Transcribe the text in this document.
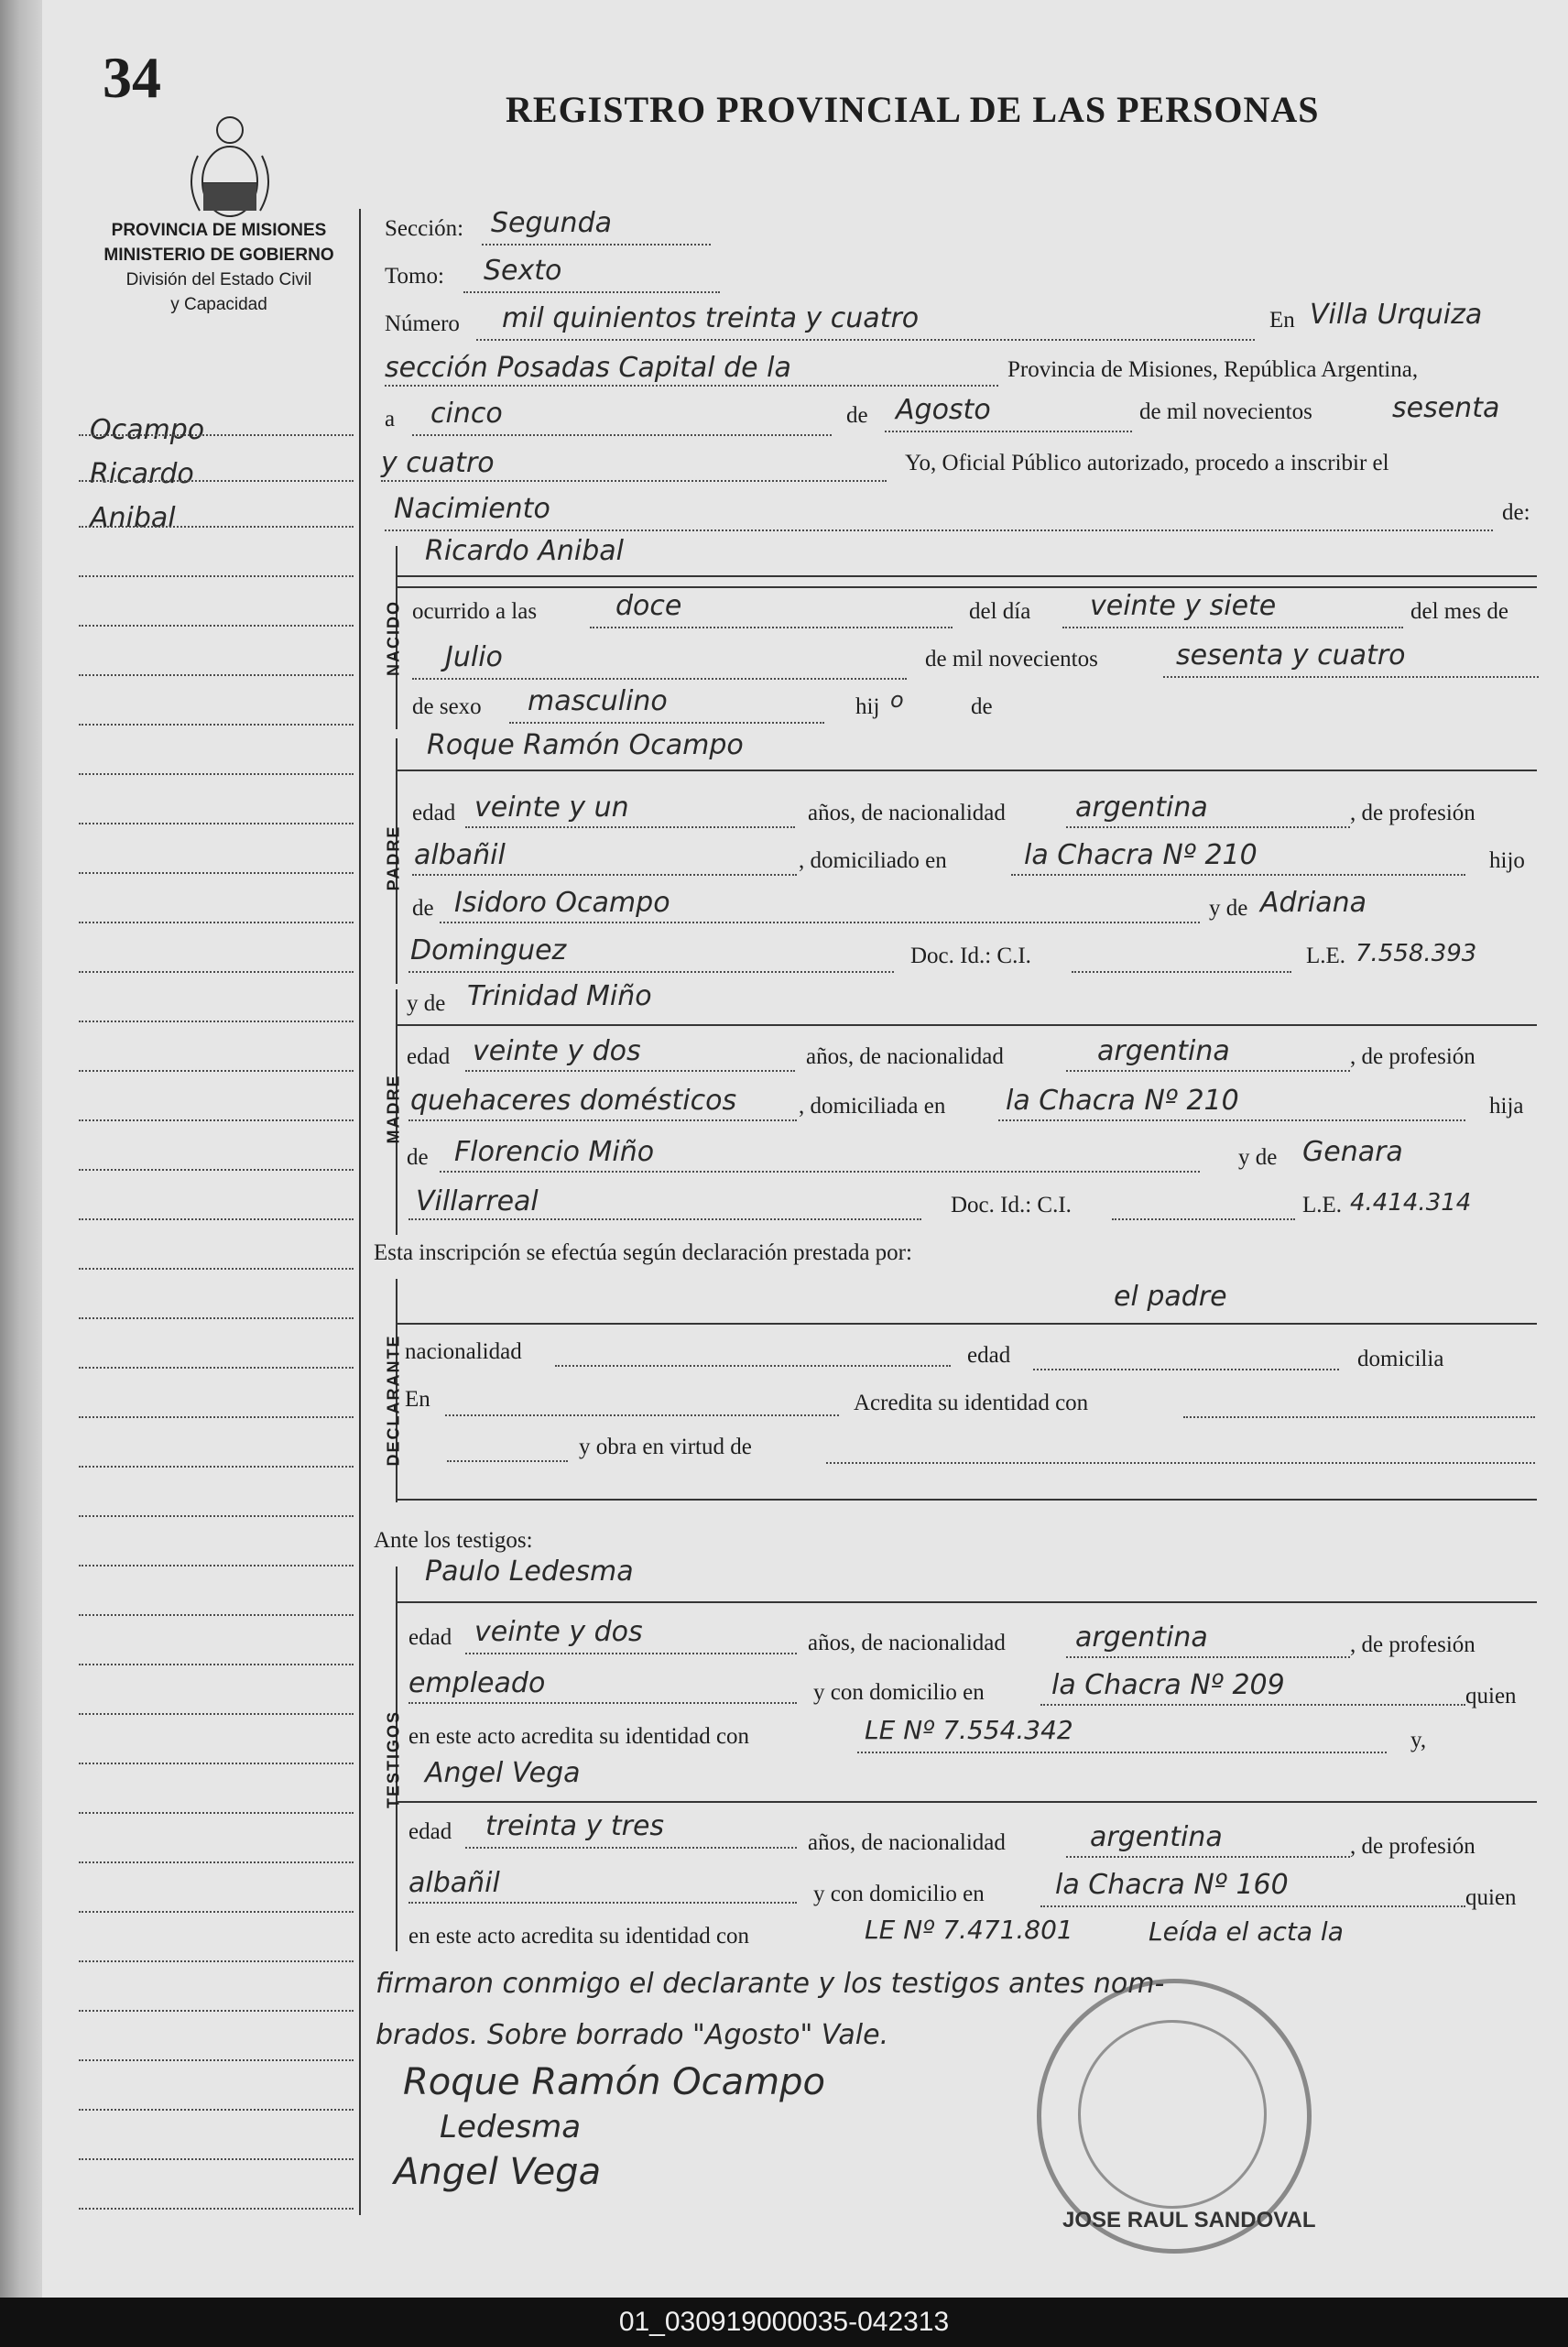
34	REGISTRO PROVINCIAL DE LAS PERSONAS
PROVINCIA DE MISIONES
MINISTERIO DE GOBIERNO
División del Estado Civil
y Capacidad
Ocampo
Ricardo
Anibal
Sección: Segunda
Tomo: Sexto
Número mil quinientos treinta y cuatro	En Villa Urquiza
sección Posadas Capital de la	Provincia de Misiones, República Argentina,
a cinco	de Agosto	de mil novecientos	sesenta
y cuatro	Yo, Oficial Público autorizado, procedo a inscribir el
Nacimiento	de:
NACIDO
Ricardo Anibal
ocurrido a las	doce	del día veinte y siete	del mes de
Julio	de mil novecientos	sesenta y cuatro
de sexo masculino	hij o	de
PADRE
Roque Ramón Ocampo
edad veinte y un	años, de nacionalidad	argentina	, de profesión
albañil	, domiciliado en	la Chacra Nº 210	hijo
de Isidoro Ocampo	y de Adriana
Dominguez	Doc. Id.: C.I.	L.E. 7.558.393
MADRE
y de Trinidad Miño
edad veinte y dos	años, de nacionalidad	argentina	, de profesión
quehaceres domésticos	, domiciliada en la Chacra Nº 210	hija
de Florencio Miño	y de Genara
Villarreal	Doc. Id.: C.I.	L.E. 4.414.314
Esta inscripción se efectúa según declaración prestada por:
DECLARANTE
el padre
nacionalidad	edad	domicilia
En	Acredita su identidad con
y obra en virtud de
Ante los testigos:
TESTIGOS
Paulo Ledesma
edad veinte y dos	años, de nacionalidad	argentina	, de profesión
empleado	y con domicilio en la Chacra Nº 209	quien
en este acto acredita su identidad con	LE Nº 7.554.342	y,
Angel Vega
edad treinta y tres
años, de nacionalidad	argentina	, de profesión
albañil	y con domicilio en	la Chacra Nº 160	quien
en este acto acredita su identidad con	LE Nº 7.471.801	Leída el acta la
firmaron conmigo el declarante y los testigos antes nom-
brados. Sobre borrado "Agosto" Vale.
Roque Ramón Ocampo
Ledesma
Angel Vega
JOSE RAUL SANDOVAL
01_030919000035-042313
